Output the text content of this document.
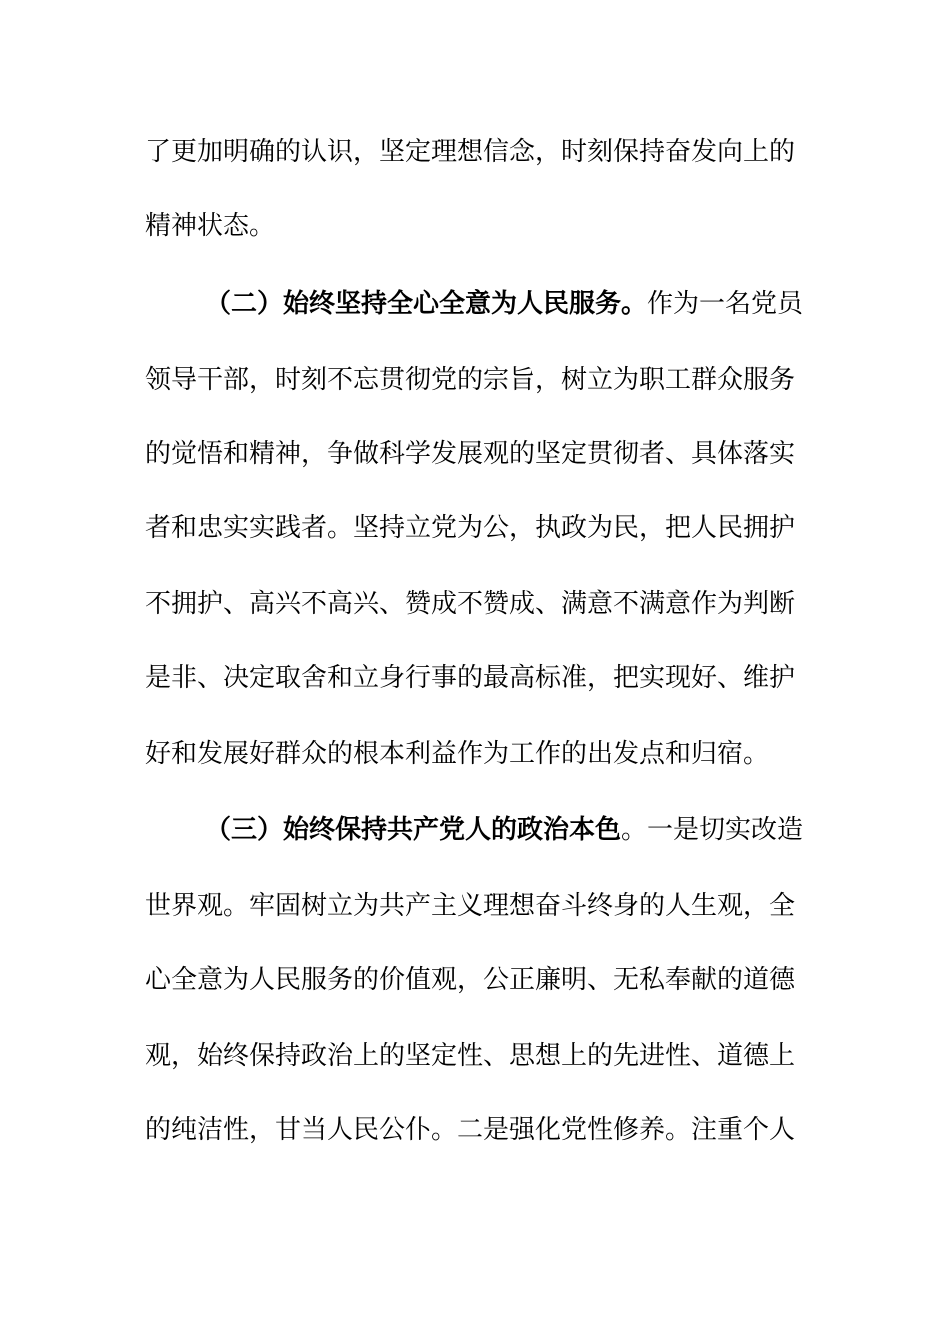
了更加明确的认识，坚定理想信念，时刻保持奋发向上的
精神状态。
（二）始终坚持全心全意为人民服务。作为一名党员
领导干部，时刻不忘贯彻党的宗旨，树立为职工群众服务
的觉悟和精神，争做科学发展观的坚定贯彻者、具体落实
者和忠实实践者。坚持立党为公，执政为民，把人民拥护
不拥护、高兴不高兴、赞成不赞成、满意不满意作为判断
是非、决定取舍和立身行事的最高标准，把实现好、维护
好和发展好群众的根本利益作为工作的出发点和归宿。
（三）始终保持共产党人的政治本色。一是切实改造
世界观。牢固树立为共产主义理想奋斗终身的人生观，全
心全意为人民服务的价值观，公正廉明、无私奉献的道德
观，始终保持政治上的坚定性、思想上的先进性、道德上
的纯洁性，甘当人民公仆。二是强化党性修养。注重个人
